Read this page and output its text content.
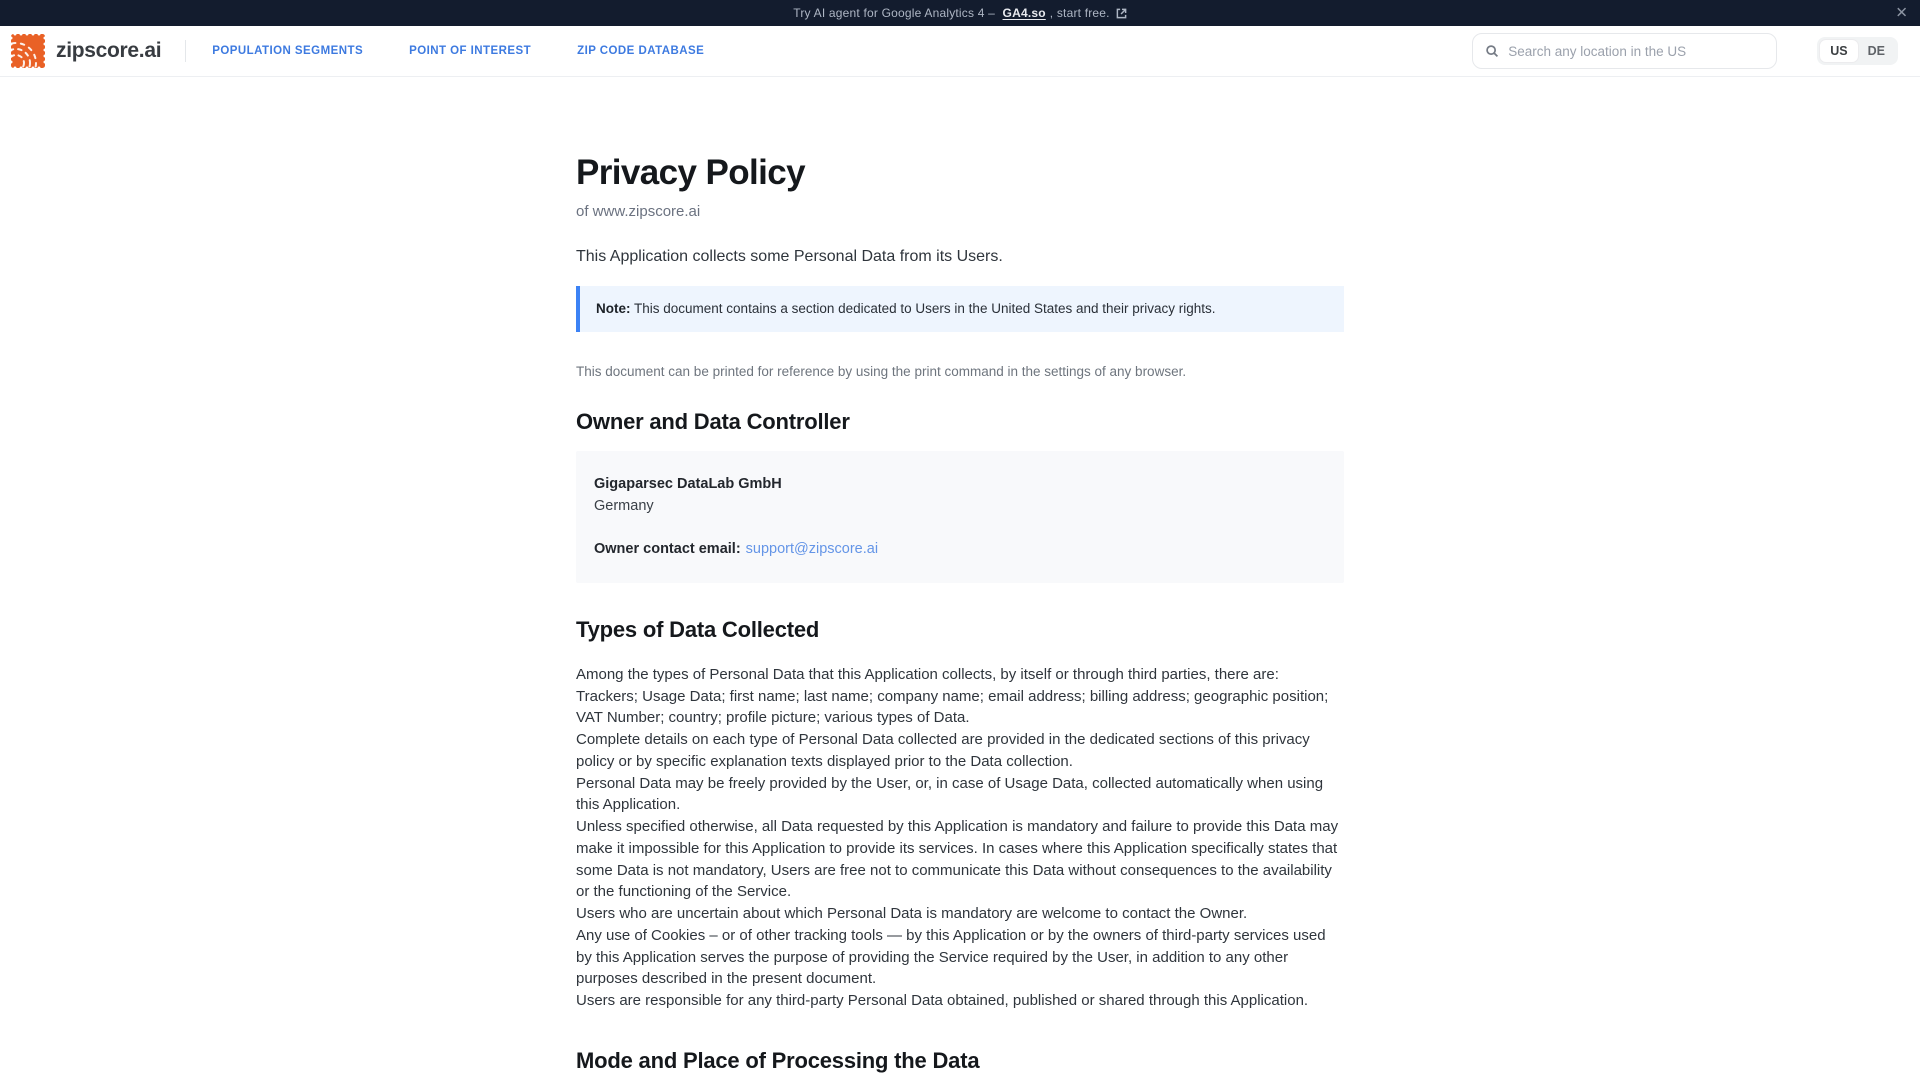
Try AI agent for Google Analytics 4 – GA4.so , start free.	✕
zipscore.ai	POPULATION SEGMENTS	POINT OF INTEREST	ZIP CODE DATABASE
Search any location in the US	US	DE
Privacy Policy

of www.zipscore.ai

This Application collects some Personal Data from its Users.

Note: This document contains a section dedicated to Users in the United States and their privacy rights.

This document can be printed for reference by using the print command in the settings of any browser.

Owner and Data Controller
Gigaparsec DataLab GmbH
Germany
Owner contact email: support@zipscore.ai
Types of Data Collected

Among the types of Personal Data that this Application collects, by itself or through third parties, there are: Trackers; Usage Data; first name; last name; company name; email address; billing address; geographic position; VAT Number; country; profile picture; various types of Data.

Complete details on each type of Personal Data collected are provided in the dedicated sections of this privacy policy or by specific explanation texts displayed prior to the Data collection.

Personal Data may be freely provided by the User, or, in case of Usage Data, collected automatically when using this Application.

Unless specified otherwise, all Data requested by this Application is mandatory and failure to provide this Data may make it impossible for this Application to provide its services. In cases where this Application specifically states that some Data is not mandatory, Users are free not to communicate this Data without consequences to the availability or the functioning of the Service.

Users who are uncertain about which Personal Data is mandatory are welcome to contact the Owner.

Any use of Cookies – or of other tracking tools — by this Application or by the owners of third-party services used by this Application serves the purpose of providing the Service required by the User, in addition to any other purposes described in the present document.

Users are responsible for any third-party Personal Data obtained, published or shared through this Application.

Mode and Place of Processing the Data
